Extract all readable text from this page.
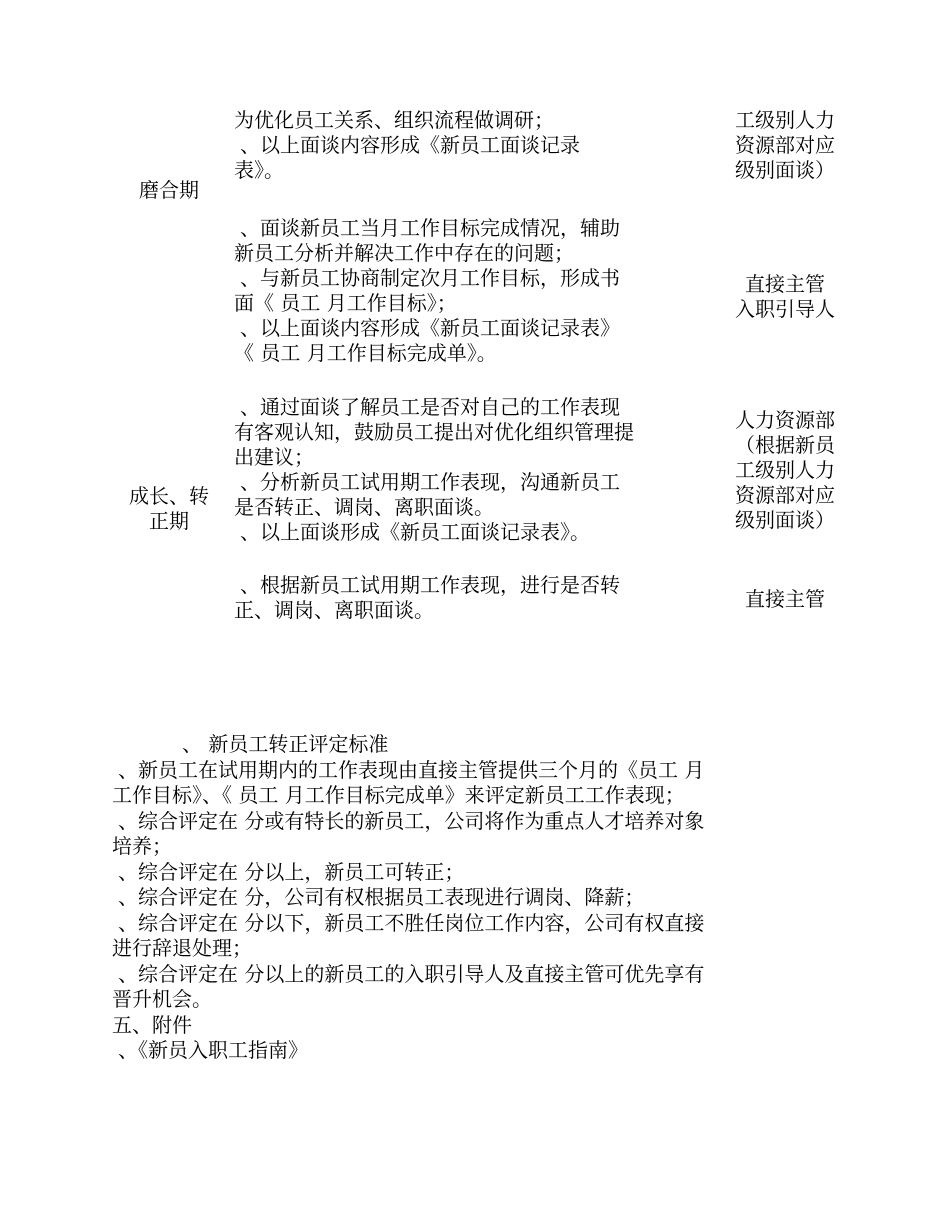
为优化员工关系、组织流程做调研；

、以上面谈内容形成《新员工面谈记录

表》。

工级别人力

资源部对应

级别面谈）

磨合期

、面谈新员工当月工作目标完成情况，辅助

新员工分析并解决工作中存在的问题；

、与新员工协商制定次月工作目标，形成书

面《 员工 月工作目标》；

、以上面谈内容形成《新员工面谈记录表》

《 员工 月工作目标完成单》。

直接主管

入职引导人

、通过面谈了解员工是否对自己的工作表现

有客观认知，鼓励员工提出对优化组织管理提

出建议；

、分析新员工试用期工作表现，沟通新员工

是否转正、调岗、离职面谈。

、以上面谈形成《新员工面谈记录表》。

成长、转

正期

人力资源部

（根据新员

工级别人力

资源部对应

级别面谈）

、根据新员工试用期工作表现，进行是否转

正、调岗、离职面谈。	直接主管

、 新员工转正评定标准

、新员工在试用期内的工作表现由直接主管提供三个月的《员工 月

工作目标》、《 员工 月工作目标完成单》来评定新员工工作表现；

、综合评定在 分或有特长的新员工，公司将作为重点人才培养对象

培养；

、综合评定在 分以上，新员工可转正；

、综合评定在 分，公司有权根据员工表现进行调岗、降薪；

、综合评定在 分以下，新员工不胜任岗位工作内容，公司有权直接

进行辞退处理；

、综合评定在 分以上的新员工的入职引导人及直接主管可优先享有

晋升机会。

五、附件

、《新员入职工指南》
